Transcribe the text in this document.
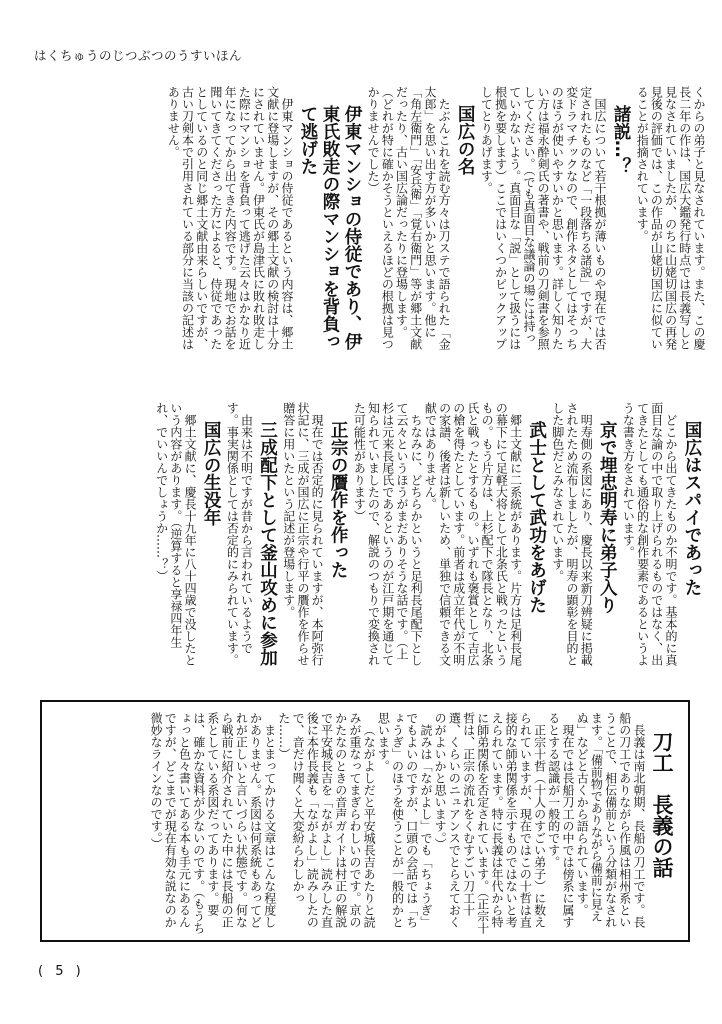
はくちゅうのじつぶつのうすいほん

くからの弟子と見なされています。また、この慶長二年の作は、国広大鑑発行時点では長義写しと見なされていましたが、のちに山姥切国広の再発見後の評価では、この作品が山姥切国広に似ていることが指摘されています。

諸説…？

国広について若干根拠が薄いものや現在では否定されたものなど「一段落ちる諸説」ですが、大変ドラマチックなので、創作ネタとしてはそっちのほうが使いやすいかと思います。詳しく知りたい方は福永酔剣氏の著書や、戦前の刀剣書を参照してください。（でも真面目な議論の場には持っていかないよう。真面目な「説」として扱うには根拠を要します）ここではいくつかピックアップしてとりあげます。

国広の名

たぶんこれを読む方々は刀ステで語られた「金太郎」を思い出す方が多いかと思います。他に「角左衛門」「安兵衛」「覚右衛門」等が郷土文献だったり、古い国広論だったりに登場します。（どれが特に確かそうといえるほどの根拠は見つかりませんでした）

伊東マンショの侍従であり、伊東氏敗走の際マンショを背負って逃げた

伊東マンショの侍従であるという内容は、郷土文献に登場しますが、その郷土文献の検討は十分にされていません。伊東氏が島津氏に敗れ敗走した際にマンショを背負って逃げた云々はかなり近年になってから出てきた内容です。現地でお話を聞いてきてくださった方によると、侍従であったとしているのと同じ郷土文献由来らしいですが、古い刀剣本で引用されている部分に当該の記述はありません。

国広はスパイであった

どこから出てきたものか不明です。基本的に真面目な論の中で取り上げられるものではなく、出てきたとしても通俗的な創作要素であるというような書き方をされています。

京で埋忠明寿に弟子入り

明寿側の系図にあり、慶長以来新刀辨疑に掲載されたため流布しましたが、明寿の顕彰を目的とした脚色だとみなされています。

武士として武功をあげた

郷土文献に二系統があります。片方は足利長尾の幕下にて足軽大将として北条氏と戦ったというもの。もう片方は、上杉配下で隊長となり、北条氏と戦ったとするもの。いずれも褒賞として吉広の槍を得たとしています。前者は成立年代が不明の家譜、後者は新しいため、単独で信頼できる文献ではありません。

ちなみに、どちらかというと足利長尾配下として云々というほうがまだありそうな話です。（上杉は元来長尾氏であるというのが江戸期を通じて知られていましたので、解説のつもりで変換された可能性があります）

正宗の贋作を作った

現在では否定的に見られていますが、本阿弥行状記に、三成が国広に正宗や行平の贋作を作らせ贈答に用いたという記述が登場します。

三成配下として釜山攻めに参加

由来は不明ですが昔から言われているようです。事実関係としては否定的にみられています。

国広の生没年

郷土文献に、慶長十九年に八十四歳で没したという内容があります。（逆算すると享禄四年生れ、でいいんでしょうか……？）

刀工　長義の話

長義は南北朝期、長船の刀工です。長船の刀工でありながら作風は相州系ということで、相伝備前という分類がなされます。「備前物でありながら備前に見えぬ」などと古くから語られています。

現在では長船刀工の中では傍系に属するとする認識が一般的です。

正宗十哲（十人のすごい弟子）に数えられていますが、現在ではこの十哲は直接的な師弟関係を示すものではないと考えられています。特に長義は年代から特に師弟関係を否定されています。（正宗十哲は、正宗の流れをくむすごい刀工十選、くらいのニュアンスでとらえておくのがよいかと思います。）

読みは「ながよし」でも「ちょうぎ」でもよいのですが、口頭の会話では「ちょうぎ」のほうを使うことが一般的かと思います。

（ながよしだと平安城長吉あたりと読みが重なってまぎらわしいのです。京のかたなのときの音声ガイドは村正の解説で平安城長吉を「ながよし」読みした直後に本作長義も「ながよし」読みしたので、音だけ聞くと大変紛らわしかった……）

まとまってかける文章はこんな程度しかありません。系図は何系統もあってどれが正しいと言いづらい状態です。何なら戦前に紹介されていた中には長船の正系としている系図だってあります。要は、確かな資料が少ないのです。（もうちょっと色々書いてある本も手元にあるんですが、どこまでが現在有効な説なのか微妙なラインなのです。）

( 5 )
